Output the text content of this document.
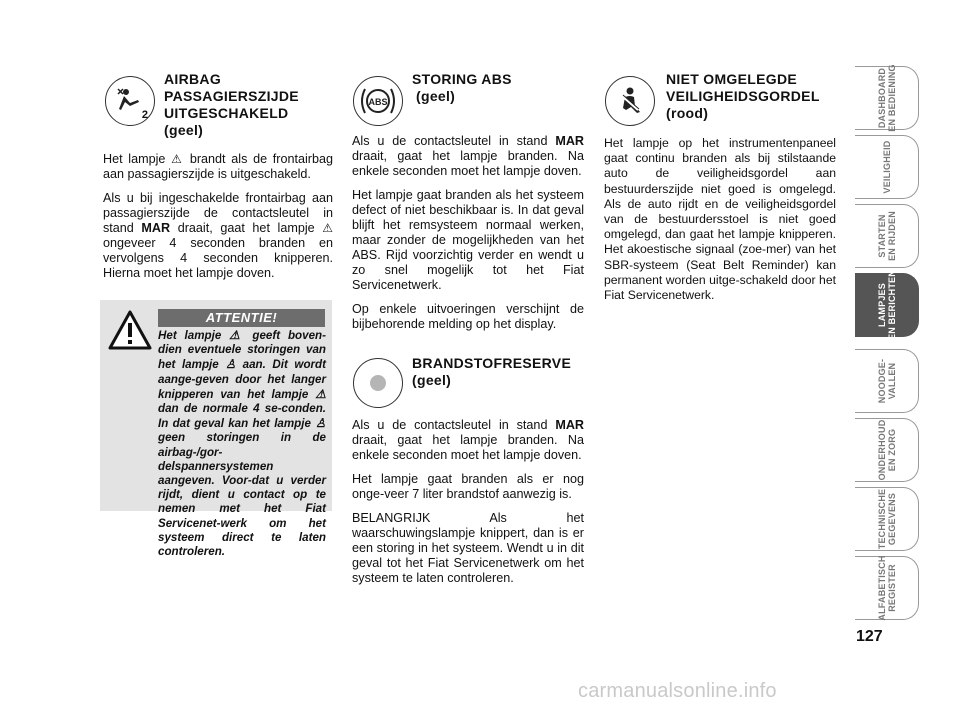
2
AIRBAG
PASSAGIERSZIJDE
UITGESCHAKELD
(geel)

Het lampje ⚠ brandt als de frontairbag aan passagierszijde is uitgeschakeld.

Als u bij ingeschakelde frontairbag aan passagierszijde de contactsleutel in stand MAR draait, gaat het lampje ⚠ ongeveer 4 seconden branden en vervolgens 4 seconden knipperen. Hierna moet het lampje doven.

ATTENTIE!
Het lampje ⚠ geeft boven-dien eventuele storingen van het lampje ♙ aan. Dit wordt aange-geven door het langer knipperen van het lampje ⚠ dan de normale 4 se-conden. In dat geval kan het lampje ♙ geen storingen in de airbag-/gor-delspannersystemen aangeven. Voor-dat u verder rijdt, dient u contact op te nemen met het Fiat Servicenet-werk om het systeem direct te laten controleren.
ABS
STORING ABS
(geel)

Als u de contactsleutel in stand MAR draait, gaat het lampje branden. Na enkele seconden moet het lampje doven.

Het lampje gaat branden als het systeem defect of niet beschikbaar is. In dat geval blijft het remsysteem normaal werken, maar zonder de mogelijkheden van het ABS. Rijd voorzichtig verder en wendt u zo snel mogelijk tot het Fiat Servicenetwerk.

Op enkele uitvoeringen verschijnt de bijbehorende melding op het display.

BRANDSTOFRESERVE
(geel)

Als u de contactsleutel in stand MAR draait, gaat het lampje branden. Na enkele seconden moet het lampje doven.

Het lampje gaat branden als er nog onge-veer 7 liter brandstof aanwezig is.

BELANGRIJK Als het waarschuwingslampje knippert, dan is er een storing in het systeem. Wendt u in dit geval tot het Fiat Servicenetwerk om het systeem te laten controleren.

NIET OMGELEGDE
VEILIGHEIDSGORDEL
(rood)

Het lampje op het instrumentenpaneel gaat continu branden als bij stilstaande auto de veiligheidsgordel aan bestuurderszijde niet goed is omgelegd. Als de auto rijdt en de veiligheidsgordel van de bestuurdersstoel is niet goed omgelegd, dan gaat het lampje knipperen. Het akoestische signaal (zoe-mer) van het SBR-systeem (Seat Belt Reminder) kan permanent worden uitge-schakeld door het Fiat Servicenetwerk.

DASHBOARD
EN BEDIENING
VEILIGHEID
STARTEN
EN RIJDEN
LAMPJES
EN BERICHTEN
NOODGE-
VALLEN
ONDERHOUD
EN ZORG
TECHNISCHE
GEGEVENS
ALFABETISCH
REGISTER
127
carmanualsonline.info
